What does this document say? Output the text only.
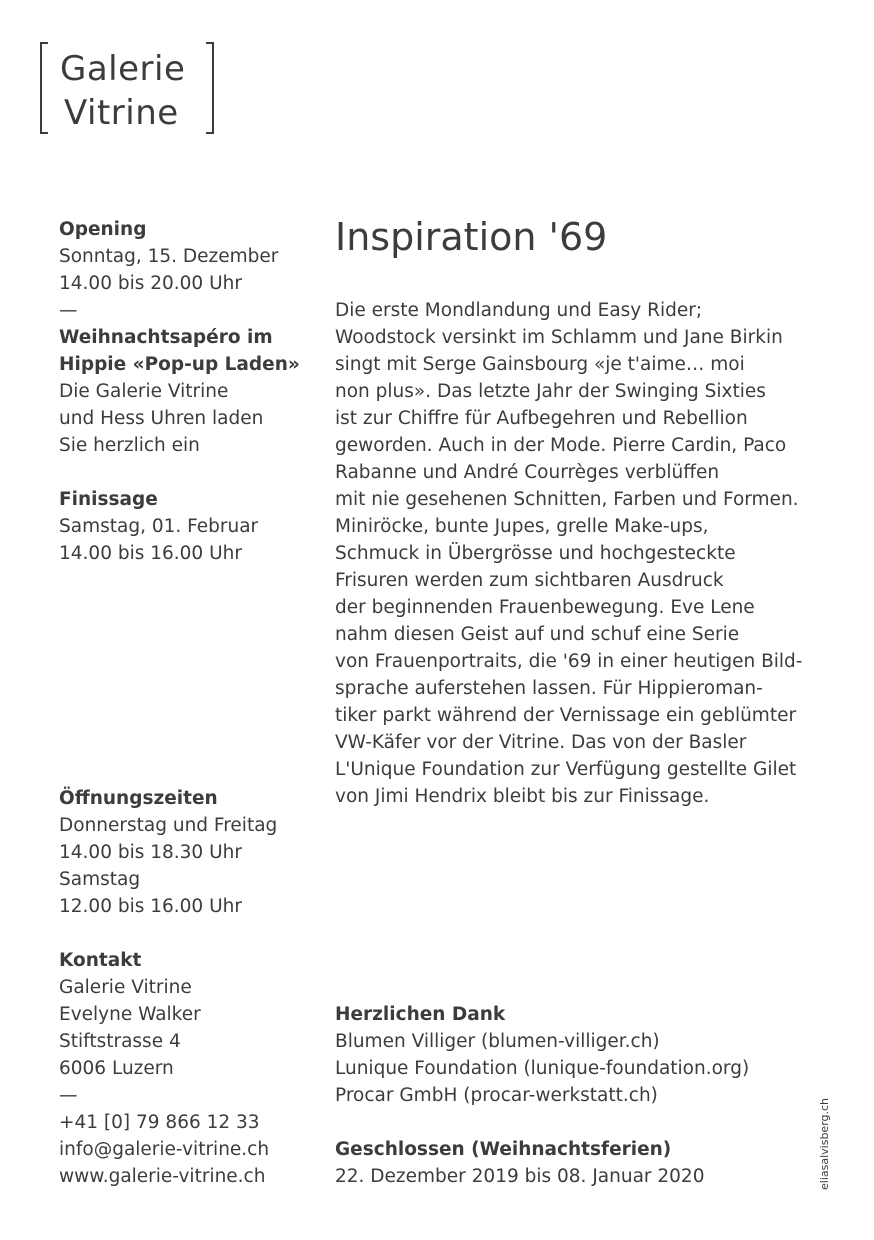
Galerie
Vitrine
Opening
Sonntag, 15. Dezember
14.00 bis 20.00 Uhr
—
Weihnachtsapéro im
Hippie «Pop-up Laden»
Die Galerie Vitrine
und Hess Uhren laden
Sie herzlich ein
Finissage
Samstag, 01. Februar
14.00 bis 16.00 Uhr
Öffnungszeiten
Donnerstag und Freitag
14.00 bis 18.30 Uhr
Samstag
12.00 bis 16.00 Uhr
Kontakt
Galerie Vitrine
Evelyne Walker
Stiftstrasse 4
6006 Luzern
—
+41 [0] 79 866 12 33
info@galerie-vitrine.ch
www.galerie-vitrine.ch
Inspiration '69
Die erste Mondlandung und Easy Rider;
Woodstock versinkt im Schlamm und Jane Birkin
singt mit Serge Gainsbourg «je t'aime… moi
non plus». Das letzte Jahr der Swinging Sixties
ist zur Chiffre für Aufbegehren und Rebellion
geworden. Auch in der Mode. Pierre Cardin, Paco
Rabanne und André Courrèges verblüffen
mit nie gesehenen Schnitten, Farben und Formen.
Miniröcke, bunte Jupes, grelle Make-ups,
Schmuck in Übergrösse und hochgesteckte
Frisuren werden zum sichtbaren Ausdruck
der beginnenden Frauenbewegung. Eve Lene
nahm diesen Geist auf und schuf eine Serie
von Frauenportraits, die '69 in einer heutigen Bild-
sprache auferstehen lassen. Für Hippieroman-
tiker parkt während der Vernissage ein geblümter
VW-Käfer vor der Vitrine. Das von der Basler
L'Unique Foundation zur Verfügung gestellte Gilet
von Jimi Hendrix bleibt bis zur Finissage.
Herzlichen Dank
Blumen Villiger (blumen-villiger.ch)
Lunique Foundation (lunique-foundation.org)
Procar GmbH (procar-werkstatt.ch)
Geschlossen (Weihnachtsferien)
22. Dezember 2019 bis 08. Januar 2020	eliasalvisberg.ch
